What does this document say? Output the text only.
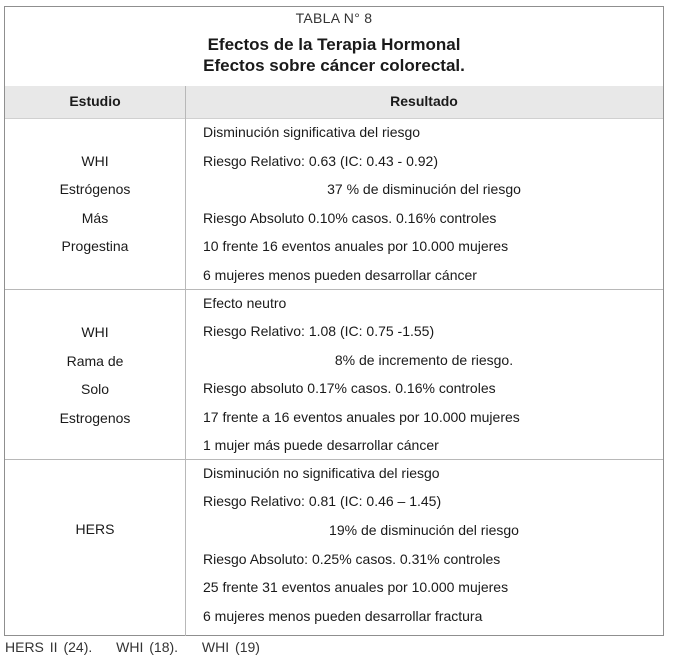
TABLA N° 8
Efectos de la Terapia Hormonal
Efectos sobre cáncer colorectal.
Estudio	Resultado
WHI
Estrógenos
Más
Progestina
Disminución significativa del riesgo
Riesgo Relativo: 0.63 (IC: 0.43 - 0.92)
37 % de disminución del riesgo
Riesgo Absoluto 0.10% casos. 0.16% controles
10 frente 16 eventos anuales por 10.000 mujeres
6 mujeres menos pueden desarrollar cáncer
WHI
Rama de
Solo
Estrogenos
Efecto neutro
Riesgo Relativo: 1.08 (IC: 0.75 -1.55)
8% de incremento de riesgo.
Riesgo absoluto 0.17% casos. 0.16% controles
17 frente a 16 eventos anuales por 10.000 mujeres
1 mujer más puede desarrollar cáncer
HERS
Disminución no significativa del riesgo
Riesgo Relativo: 0.81 (IC: 0.46 – 1.45)
19% de disminución del riesgo
Riesgo Absoluto: 0.25% casos. 0.31% controles
25 frente 31 eventos anuales por 10.000 mujeres
6 mujeres menos pueden desarrollar fractura
HERS II (24). WHI (18). WHI (19)
